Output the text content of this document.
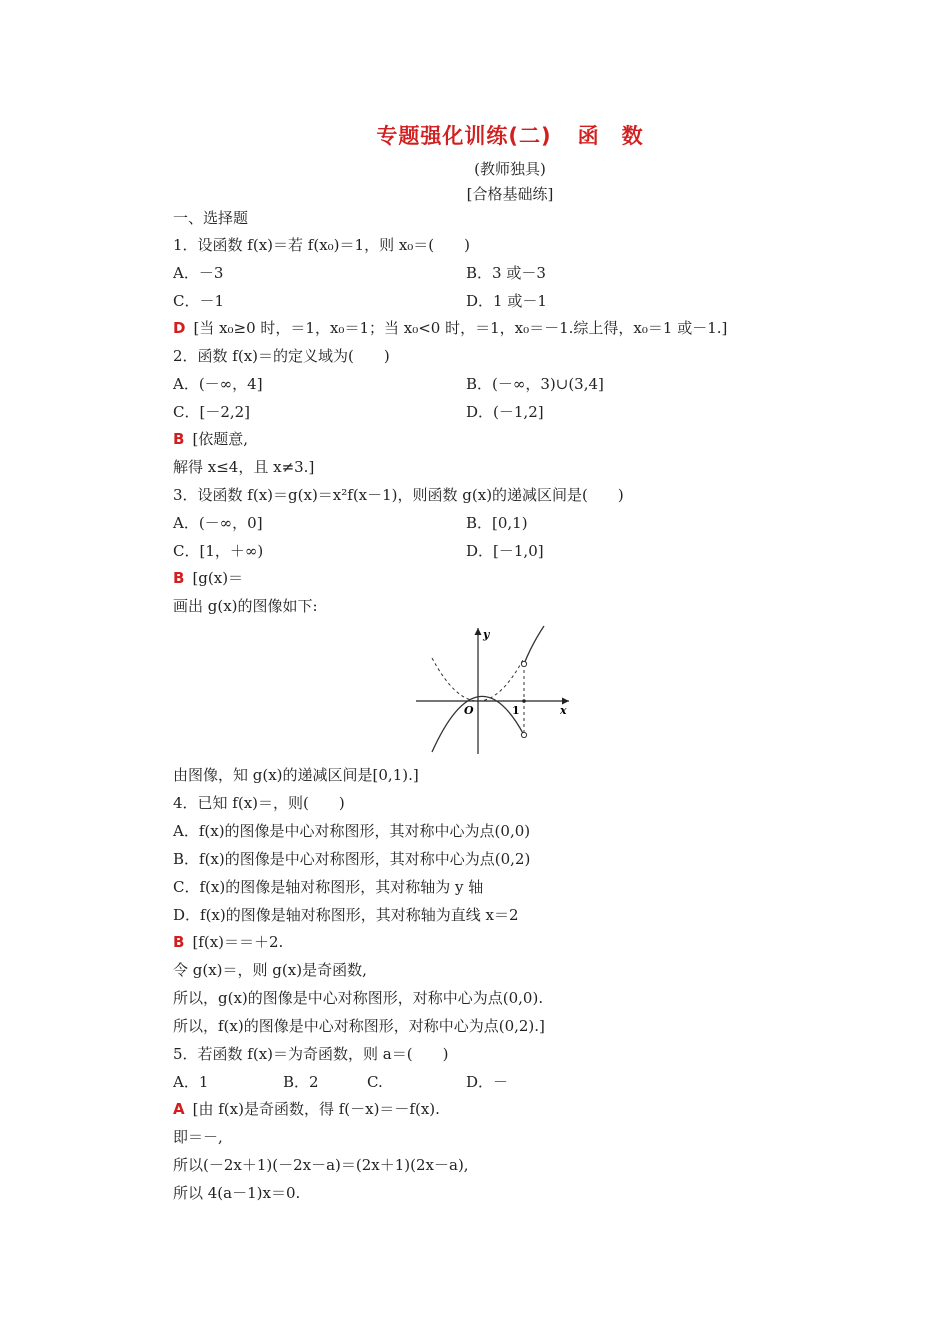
专题强化训练(二) 函　数
(教师独具)
[合格基础练]
一、选择题
1．设函数 f(x)＝若 f(x₀)＝1，则 x₀＝(　　)
A．－3	B．3 或－3
C．－1	D．1 或－1
D [当 x₀≥0 时，＝1，x₀＝1；当 x₀<0 时，＝1，x₀＝－1.综上得，x₀＝1 或－1.]
2．函数 f(x)＝的定义域为(　　)
A．(－∞，4]	B．(－∞，3)∪(3,4]
C．[－2,2]	D．(－1,2]
B [依题意,
解得 x≤4，且 x≠3.]
3．设函数 f(x)＝g(x)＝x²f(x－1)，则函数 g(x)的递减区间是(　　)
A．(－∞，0]	B．[0,1)
C．[1，＋∞)	D．[－1,0]
B [g(x)＝
画出 g(x)的图像如下:
y
x
O	1
由图像，知 g(x)的递减区间是[0,1).]
4．已知 f(x)＝，则(　　)
A．f(x)的图像是中心对称图形，其对称中心为点(0,0)
B．f(x)的图像是中心对称图形，其对称中心为点(0,2)
C．f(x)的图像是轴对称图形，其对称轴为 y 轴
D．f(x)的图像是轴对称图形，其对称轴为直线 x＝2
B [f(x)＝＝＋2.
令 g(x)＝，则 g(x)是奇函数,
所以，g(x)的图像是中心对称图形，对称中心为点(0,0).
所以，f(x)的图像是中心对称图形，对称中心为点(0,2).]
5．若函数 f(x)＝为奇函数，则 a＝(　　)
A．1	B．2	C.	D．－
A [由 f(x)是奇函数，得 f(－x)＝－f(x).
即＝－,
所以(－2x＋1)(－2x－a)＝(2x＋1)(2x－a),
所以 4(a－1)x＝0.
